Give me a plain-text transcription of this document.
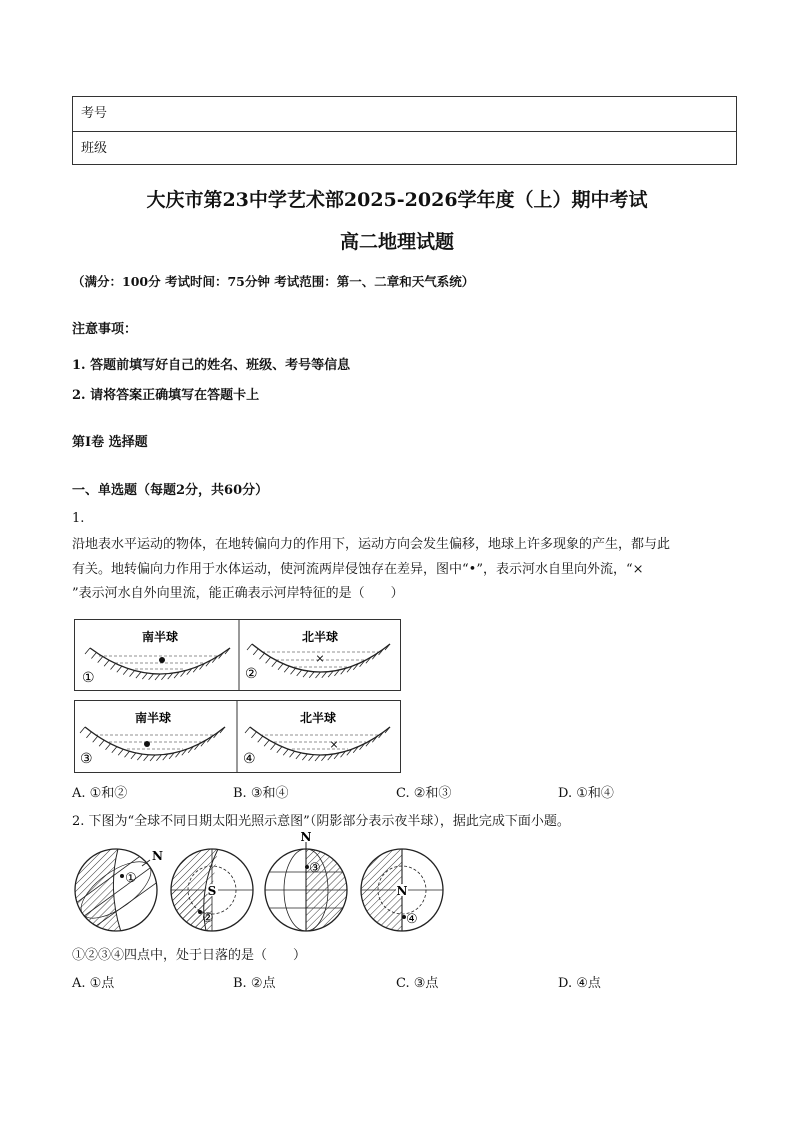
考号
班级
大庆市第23中学艺术部2025-2026学年度（上）期中考试
高二地理试题
（满分：100分 考试时间：75分钟 考试范围：第一、二章和天气系统）
注意事项：
1. 答题前填写好自己的姓名、班级、考号等信息
2. 请将答案正确填写在答题卡上
第I卷 选择题
一、单选题（每题2分，共60分）
1.
沿地表水平运动的物体，在地转偏向力的作用下，运动方向会发生偏移，地球上许多现象的产生，都与此
有关。地转偏向力作用于水体运动，使河流两岸侵蚀存在差异，图中“•”，表示河水自里向外流，“×
”表示河水自外向里流，能正确表示河岸特征的是（　　）
南半球
①
北半球
×
②
南半球
③
北半球
×
④
A. ①和②	B. ③和④	C. ②和③	D. ①和④
2. 下图为“全球不同日期太阳光照示意图”（阴影部分表示夜半球），据此完成下面小题。
N
①
S
②
N
③
N
④
①②③④四点中，处于日落的是（　　）
A. ①点	B. ②点	C. ③点	D. ④点
